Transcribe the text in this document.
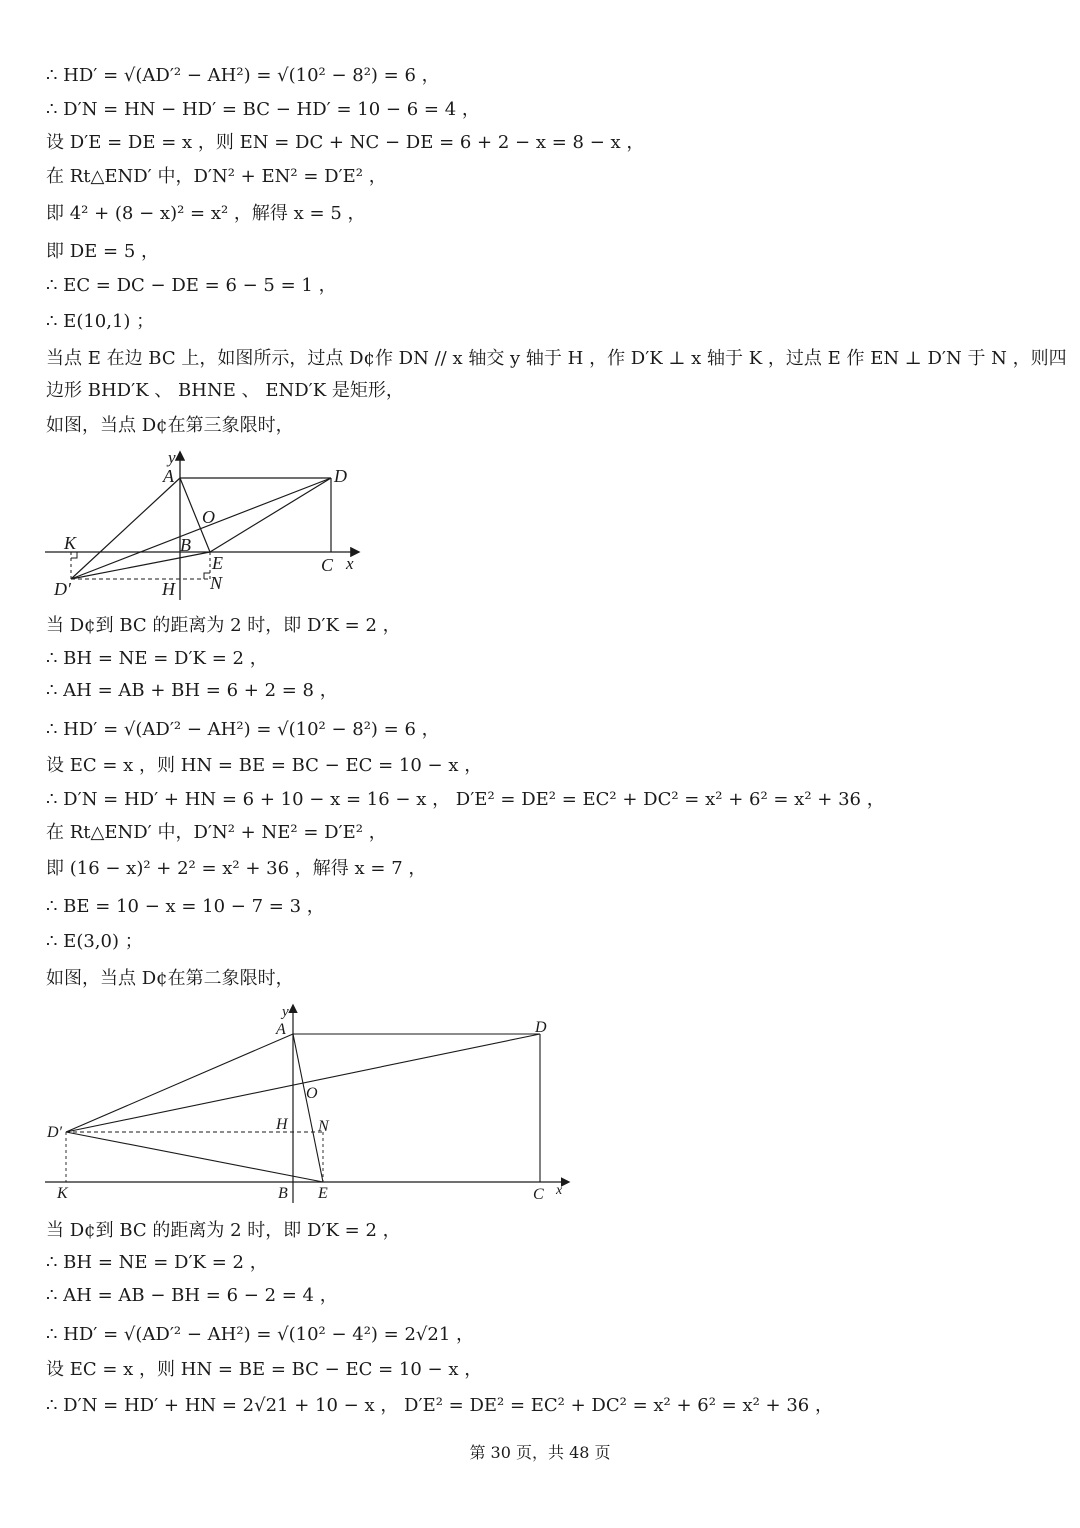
∴ HD′ = √(AD′² − AH²) = √(10² − 8²) = 6 ，
∴ D′N = HN − HD′ = BC − HD′ = 10 − 6 = 4 ，
设 D′E = DE = x ，则 EN = DC + NC − DE = 6 + 2 − x = 8 − x ，
在 Rt△END′ 中，D′N² + EN² = D′E² ，
即 4² + (8 − x)² = x² ，解得 x = 5 ，
即 DE = 5 ，
∴ EC = DC − DE = 6 − 5 = 1 ，
∴ E(10,1) ；
当点 E 在边 BC 上，如图所示，过点 D¢作 DN // x 轴交 y 轴于 H ，作 D′K ⊥ x 轴于 K ，过点 E 作 EN ⊥ D′N 于 N ，则四
边形 BHD′K 、 BHNE 、 END′K 是矩形，
如图，当点 D¢在第三象限时，
y
A	D
O
K	B
E	C x
D′	H N
当 D¢到 BC 的距离为 2 时，即 D′K = 2 ，
∴ BH = NE = D′K = 2 ，
∴ AH = AB + BH = 6 + 2 = 8 ，
∴ HD′ = √(AD′² − AH²) = √(10² − 8²) = 6 ，
设 EC = x ，则 HN = BE = BC − EC = 10 − x ，
∴ D′N = HD′ + HN = 6 + 10 − x = 16 − x ， D′E² = DE² = EC² + DC² = x² + 6² = x² + 36 ，
在 Rt△END′ 中，D′N² + NE² = D′E² ，
即 (16 − x)² + 2² = x² + 36 ，解得 x = 7 ，
∴ BE = 10 − x = 10 − 7 = 3 ，
∴ E(3,0) ；
如图，当点 D¢在第二象限时，
y
A	D
O
D′	H N
K	B E	C x
当 D¢到 BC 的距离为 2 时，即 D′K = 2 ，
∴ BH = NE = D′K = 2 ，
∴ AH = AB − BH = 6 − 2 = 4 ，
∴ HD′ = √(AD′² − AH²) = √(10² − 4²) = 2√21 ，
设 EC = x ，则 HN = BE = BC − EC = 10 − x ，
∴ D′N = HD′ + HN = 2√21 + 10 − x ， D′E² = DE² = EC² + DC² = x² + 6² = x² + 36 ，
第 30 页，共 48 页
